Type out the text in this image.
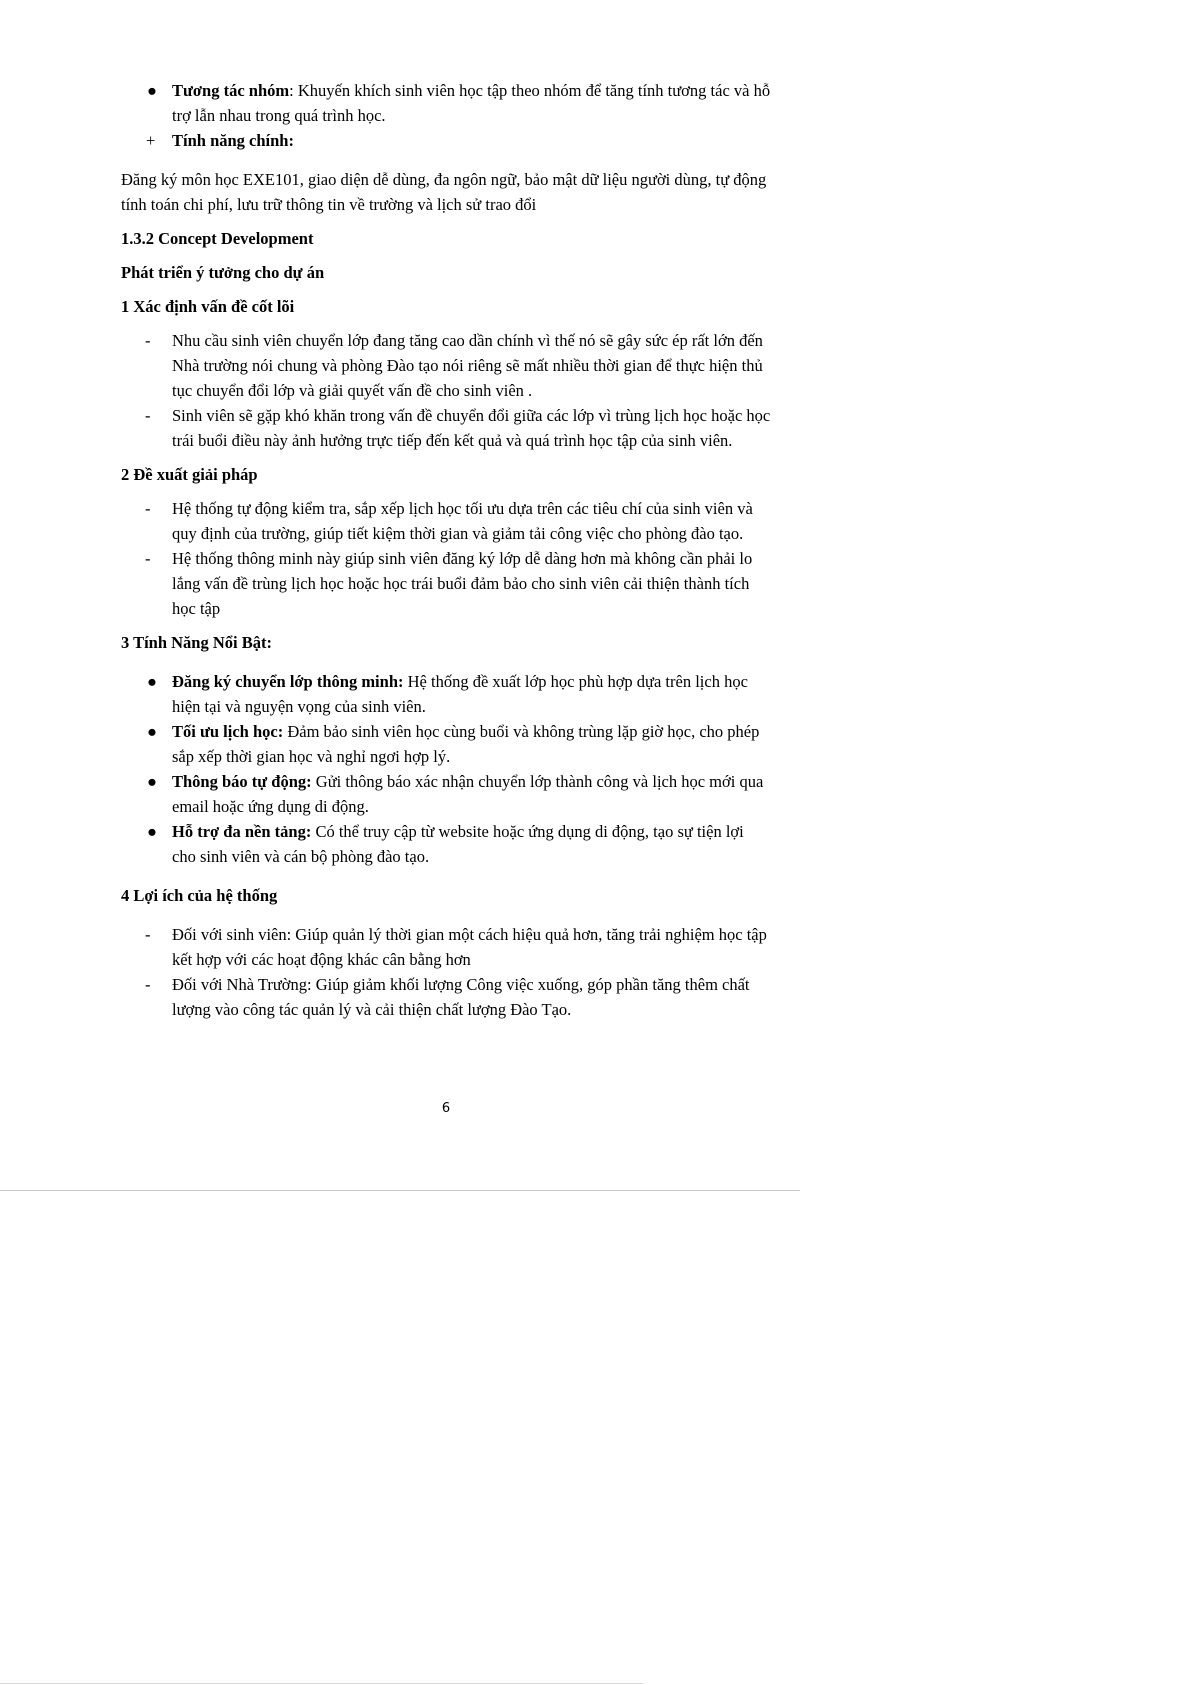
● Tương tác nhóm: Khuyến khích sinh viên học tập theo nhóm để tăng tính tương tác và hỗ trợ lẫn nhau trong quá trình học.

+ Tính năng chính:

Đăng ký môn học EXE101, giao diện dễ dùng, đa ngôn ngữ, bảo mật dữ liệu người dùng, tự động tính toán chi phí, lưu trữ thông tin về trường và lịch sử trao đổi

1.3.2 Concept Development

Phát triển ý tưởng cho dự án

1 Xác định vấn đề cốt lõi

- Nhu cầu sinh viên chuyển lớp đang tăng cao dần chính vì thế nó sẽ gây sức ép rất lớn đến Nhà trường nói chung và phòng Đào tạo nói riêng sẽ mất nhiều thời gian để thực hiện thủ tục chuyển đổi lớp và giải quyết vấn đề cho sinh viên .

- Sinh viên sẽ gặp khó khăn trong vấn đề chuyển đổi giữa các lớp vì trùng lịch học hoặc học trái buổi điều này ảnh hưởng trực tiếp đến kết quả và quá trình học tập của sinh viên.

2 Đề xuất giải pháp

- Hệ thống tự động kiểm tra, sắp xếp lịch học tối ưu dựa trên các tiêu chí của sinh viên và quy định của trường, giúp tiết kiệm thời gian và giảm tải công việc cho phòng đào tạo.

- Hệ thống thông minh này giúp sinh viên đăng ký lớp dễ dàng hơn mà không cần phải lo lắng vấn đề trùng lịch học hoặc học trái buổi đảm bảo cho sinh viên cải thiện thành tích học tập

3 Tính Năng Nổi Bật:

● Đăng ký chuyển lớp thông minh: Hệ thống đề xuất lớp học phù hợp dựa trên lịch học hiện tại và nguyện vọng của sinh viên.

● Tối ưu lịch học: Đảm bảo sinh viên học cùng buổi và không trùng lặp giờ học, cho phép sắp xếp thời gian học và nghỉ ngơi hợp lý.

● Thông báo tự động: Gửi thông báo xác nhận chuyển lớp thành công và lịch học mới qua email hoặc ứng dụng di động.

● Hỗ trợ đa nền tảng: Có thể truy cập từ website hoặc ứng dụng di động, tạo sự tiện lợi cho sinh viên và cán bộ phòng đào tạo.

4 Lợi ích của hệ thống

- Đối với sinh viên: Giúp quản lý thời gian một cách hiệu quả hơn, tăng trải nghiệm học tập kết hợp với các hoạt động khác cân bằng hơn

- Đối với Nhà Trường: Giúp giảm khối lượng Công việc xuống, góp phần tăng thêm chất lượng vào công tác quản lý và cải thiện chất lượng Đào Tạo.

6
